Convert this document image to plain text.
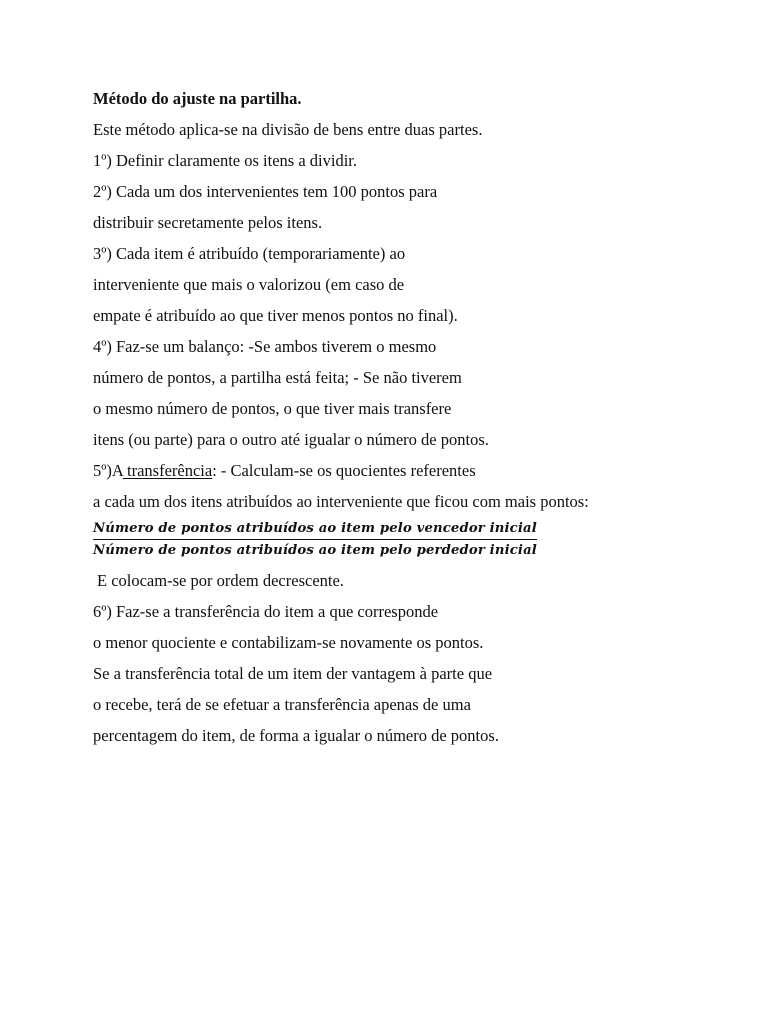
Método do ajuste na partilha.
Este método aplica-se na divisão de bens entre duas partes.
1º) Definir claramente os itens a dividir.
2º) Cada um dos intervenientes tem 100 pontos para
distribuir secretamente pelos itens.
3º) Cada item é atribuído (temporariamente) ao
interveniente que mais o valorizou (em caso de
empate é atribuído ao que tiver menos pontos no final).
4º) Faz-se um balanço: -Se ambos tiverem o mesmo
número de pontos, a partilha está feita; - Se não tiverem
o mesmo número de pontos, o que tiver mais transfere
itens (ou parte) para o outro até igualar o número de pontos.
5º)A transferência: - Calculam-se os quocientes referentes
a cada um dos itens atribuídos ao interveniente que ficou com mais pontos:
$\frac{\text{Número de pontos atribuídos ao item pelo vencedor inicial}}{\text{Número de pontos atribuídos ao item pelo perdedor inicial}}$
E colocam-se por ordem decrescente.
6º) Faz-se a transferência do item a que corresponde
o menor quociente e contabilizam-se novamente os pontos.
Se a transferência total de um item der vantagem à parte que
o recebe, terá de se efetuar a transferência apenas de uma
percentagem do item, de forma a igualar o número de pontos.
